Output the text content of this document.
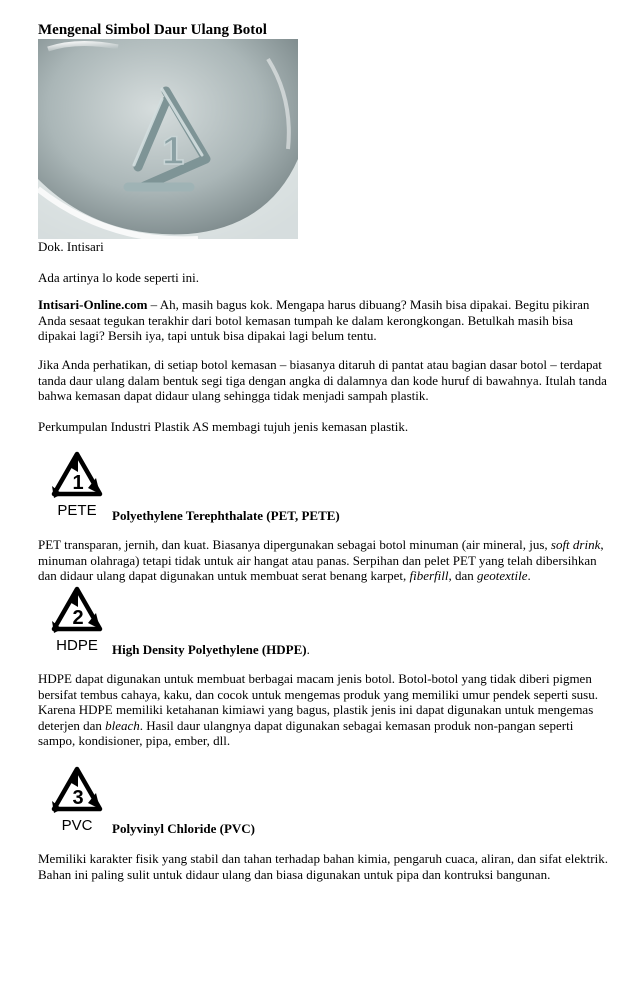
Mengenal Simbol Daur Ulang Botol
1

Dok. Intisari

Ada artinya lo kode seperti ini.

Intisari-Online.com – Ah, masih bagus kok. Mengapa harus dibuang? Masih bisa dipakai. Begitu pikiran Anda sesaat tegukan terakhir dari botol kemasan tumpah ke dalam kerongkongan. Betulkah masih bisa dipakai lagi? Bersih iya, tapi untuk bisa dipakai lagi belum tentu.

Jika Anda perhatikan, di setiap botol kemasan – biasanya ditaruh di pantat atau bagian dasar botol – terdapat tanda daur ulang dalam bentuk segi tiga dengan angka di dalamnya dan kode huruf di bawahnya. Itulah tanda bahwa kemasan dapat didaur ulang sehingga tidak menjadi sampah plastik.

Perkumpulan Industri Plastik AS membagi tujuh jenis kemasan plastik.

1
PETE Polyethylene Terephthalate (PET, PETE)

PET transparan, jernih, dan kuat. Biasanya dipergunakan sebagai botol minuman (air mineral, jus, soft drink, minuman olahraga) tetapi tidak untuk air hangat atau panas. Serpihan dan pelet PET yang telah dibersihkan dan didaur ulang dapat digunakan untuk membuat serat benang karpet, fiberfill, dan geotextile.

2
HDPE High Density Polyethylene (HDPE).

HDPE dapat digunakan untuk membuat berbagai macam jenis botol. Botol-botol yang tidak diberi pigmen bersifat tembus cahaya, kaku, dan cocok untuk mengemas produk yang memiliki umur pendek seperti susu. Karena HDPE memiliki ketahanan kimiawi yang bagus, plastik jenis ini dapat digunakan untuk mengemas deterjen dan bleach. Hasil daur ulangnya dapat digunakan sebagai kemasan produk non-pangan seperti sampo, kondisioner, pipa, ember, dll.

3
PVC Polyvinyl Chloride (PVC)

Memiliki karakter fisik yang stabil dan tahan terhadap bahan kimia, pengaruh cuaca, aliran, dan sifat elektrik. Bahan ini paling sulit untuk didaur ulang dan biasa digunakan untuk pipa dan kontruksi bangunan.
